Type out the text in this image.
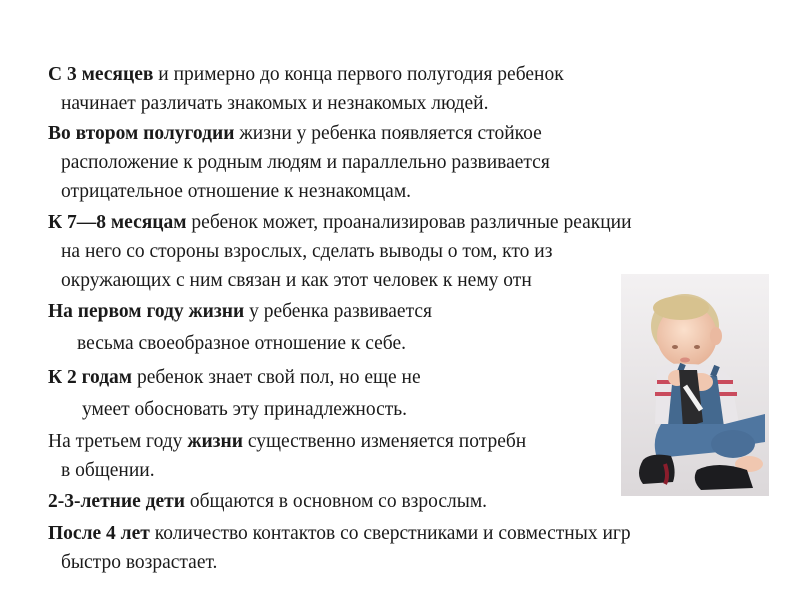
С 3 месяцев и примерно до конца первого полугодия ребенок
начинает различать знакомых и незнакомых людей.
Во втором полугодии жизни у ребенка появляется стойкое
расположение к родным людям и параллельно развивается
отрицательное отношение к незнакомцам.
К 7—8 месяцам ребенок может, проанализировав различные реакции
на него со стороны взрослых, сделать выводы о том, кто из
окружающих с ним связан и как этот человек к нему отн
На первом году жизни у ребенка развивается
весьма своеобразное отношение к себе.
К 2 годам ребенок знает свой пол, но еще не
умеет обосновать эту принадлежность.
На третьем году жизни существенно изменяется потребн
в общении.
2-3-летние дети общаются в основном со взрослым.
После 4 лет количество контактов со сверстниками и совместных игр
быстро возрастает.
